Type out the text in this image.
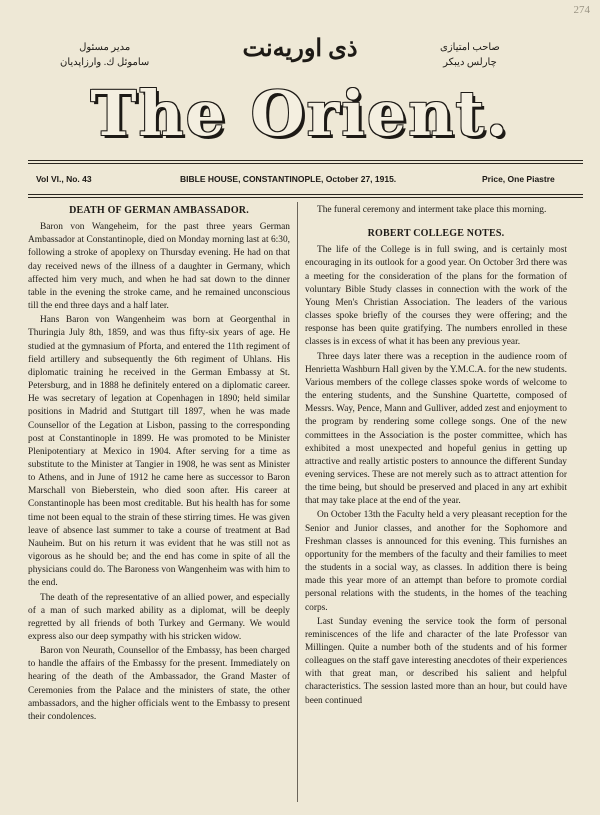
274
مدير مسئول
ساموئل ك. وارزاپديان
ذى اوريه‌نت	صاحب امتيازى
چارلس ديبكر
The Orient.
Vol VI., No. 43	BIBLE HOUSE, CONSTANTINOPLE, October 27, 1915.	Price, One Piastre
DEATH OF GERMAN AMBASSADOR.

Baron von Wangeheim, for the past three years German Ambassador at Constantinople, died on Monday morning last at 6:30, following a stroke of apoplexy on Thursday evening. He had on that day received news of the illness of a daughter in Germany, which affected him very much, and when he had sat down to the dinner table in the evening the stroke came, and he remained unconscious till the end three days and a half later.

Hans Baron von Wangenheim was born at Georgenthal in Thuringia July 8th, 1859, and was thus fifty-six years of age. He studied at the gymnasium of Pforta, and entered the 11th regiment of field artillery and subsequently the 6th regiment of Uhlans. His diplomatic training he received in the German Embassy at St. Petersburg, and in 1888 he definitely entered on a diplomatic career. He was secretary of legation at Copenhagen in 1890; held similar positions in Madrid and Stuttgart till 1897, when he was made Counsellor of the Legation at Lisbon, passing to the corresponding post at Constantinople in 1899. He was promoted to be Minister Plenipotentiary at Mexico in 1904. After serving for a time as substitute to the Minister at Tangier in 1908, he was sent as Minister to Athens, and in June of 1912 he came here as successor to Baron Marschall von Bieberstein, who died soon after. His career at Constantinople has been most creditable. But his health has for some time not been equal to the strain of these stirring times. He was given leave of absence last summer to take a course of treatment at Bad Nauheim. But on his return it was evident that he was still not as vigorous as he should be; and the end has come in spite of all the physicians could do. The Baroness von Wangenheim was with him to the end.

The death of the representative of an allied power, and especially of a man of such marked ability as a diplomat, will be deeply regretted by all friends of both Turkey and Germany. We would express also our deep sympathy with his stricken widow.

Baron von Neurath, Counsellor of the Embassy, has been charged to handle the affairs of the Embassy for the present. Immediately on hearing of the death of the Ambassador, the Grand Master of Ceremonies from the Palace and the ministers of state, the other ambassadors, and the higher officials went to the Embassy to present their condolences.

The funeral ceremony and interment take place this morning.

ROBERT COLLEGE NOTES.

The life of the College is in full swing, and is certainly most encouraging in its outlook for a good year. On October 3rd there was a meeting for the consideration of the plans for the formation of voluntary Bible Study classes in connection with the work of the Young Men's Christian Association. The leaders of the various classes spoke briefly of the courses they were offering; and the response has been quite gratifying. The numbers enrolled in these classes is in excess of what it has been any previous year.

Three days later there was a reception in the audience room of Henrietta Washburn Hall given by the Y.M.C.A. for the new students. Various members of the college classes spoke words of welcome to the entering students, and the Sunshine Quartette, composed of Messrs. Way, Pence, Mann and Gulliver, added zest and enjoyment to the program by rendering some college songs. One of the new committees in the Association is the poster committee, which has exhibited a most unexpected and hopeful genius in getting up attractive and really artistic posters to announce the different Sunday evening services. These are not merely such as to attract attention for the time being, but should be preserved and placed in any art exhibit that may take place at the end of the year.

On October 13th the Faculty held a very pleasant reception for the Senior and Junior classes, and another for the Sophomore and Freshman classes is announced for this evening. This furnishes an opportunity for the members of the faculty and their families to meet the students in a social way, as classes. In addition there is being made this year more of an attempt than before to promote cordial personal relations with the students, in the homes of the teaching corps.

Last Sunday evening the service took the form of personal reminiscences of the life and character of the late Professor van Millingen. Quite a number both of the students and of his former colleagues on the staff gave interesting anecdotes of their experiences with that great man, or described his salient and helpful characteristics. The session lasted more than an hour, but could have been continued
